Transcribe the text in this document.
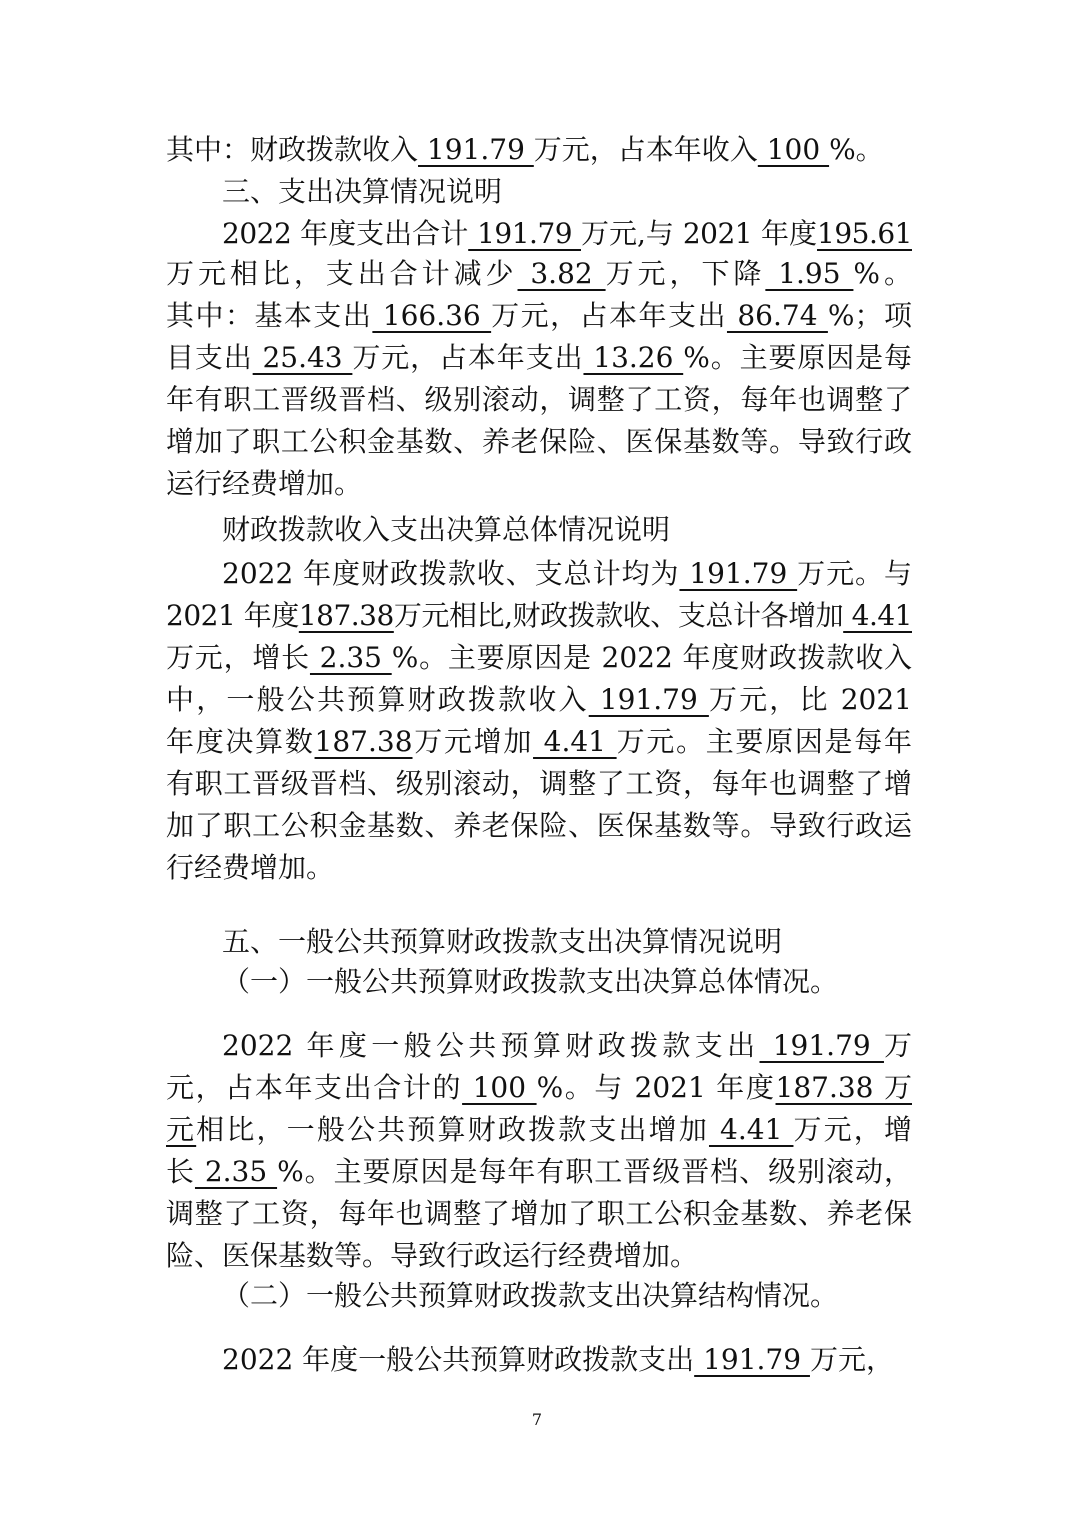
其中：财政拨款收入 191.79 万元，占本年收入 100 %。
三、支出决算情况说明
2022 年度支出合计 191.79 万元,与 2021 年度195.61
万元相比，支出合计减少 3.82 万元，下降 1.95 %。
其中：基本支出 166.36 万元，占本年支出 86.74 %；项
目支出 25.43 万元，占本年支出 13.26 %。主要原因是每
年有职工晋级晋档、级别滚动，调整了工资，每年也调整了
增加了职工公积金基数、养老保险、医保基数等。导致行政
运行经费增加。
财政拨款收入支出决算总体情况说明
2022 年度财政拨款收、支总计均为 191.79 万元。与
2021 年度187.38万元相比,财政拨款收、支总计各增加 4.41
万元，增长 2.35 %。主要原因是 2022 年度财政拨款收入
中，一般公共预算财政拨款收入 191.79 万元，比 2021
年度决算数187.38万元增加 4.41 万元。主要原因是每年
有职工晋级晋档、级别滚动，调整了工资，每年也调整了增
加了职工公积金基数、养老保险、医保基数等。导致行政运
行经费增加。
五、一般公共预算财政拨款支出决算情况说明
（一）一般公共预算财政拨款支出决算总体情况。
2022 年度一般公共预算财政拨款支出 191.79 万
元，占本年支出合计的 100 %。与 2021 年度187.38 万
元相比，一般公共预算财政拨款支出增加 4.41 万元，增
长 2.35 %。主要原因是每年有职工晋级晋档、级别滚动，
调整了工资，每年也调整了增加了职工公积金基数、养老保
险、医保基数等。导致行政运行经费增加。
（二）一般公共预算财政拨款支出决算结构情况。
2022 年度一般公共预算财政拨款支出 191.79 万元，
7
